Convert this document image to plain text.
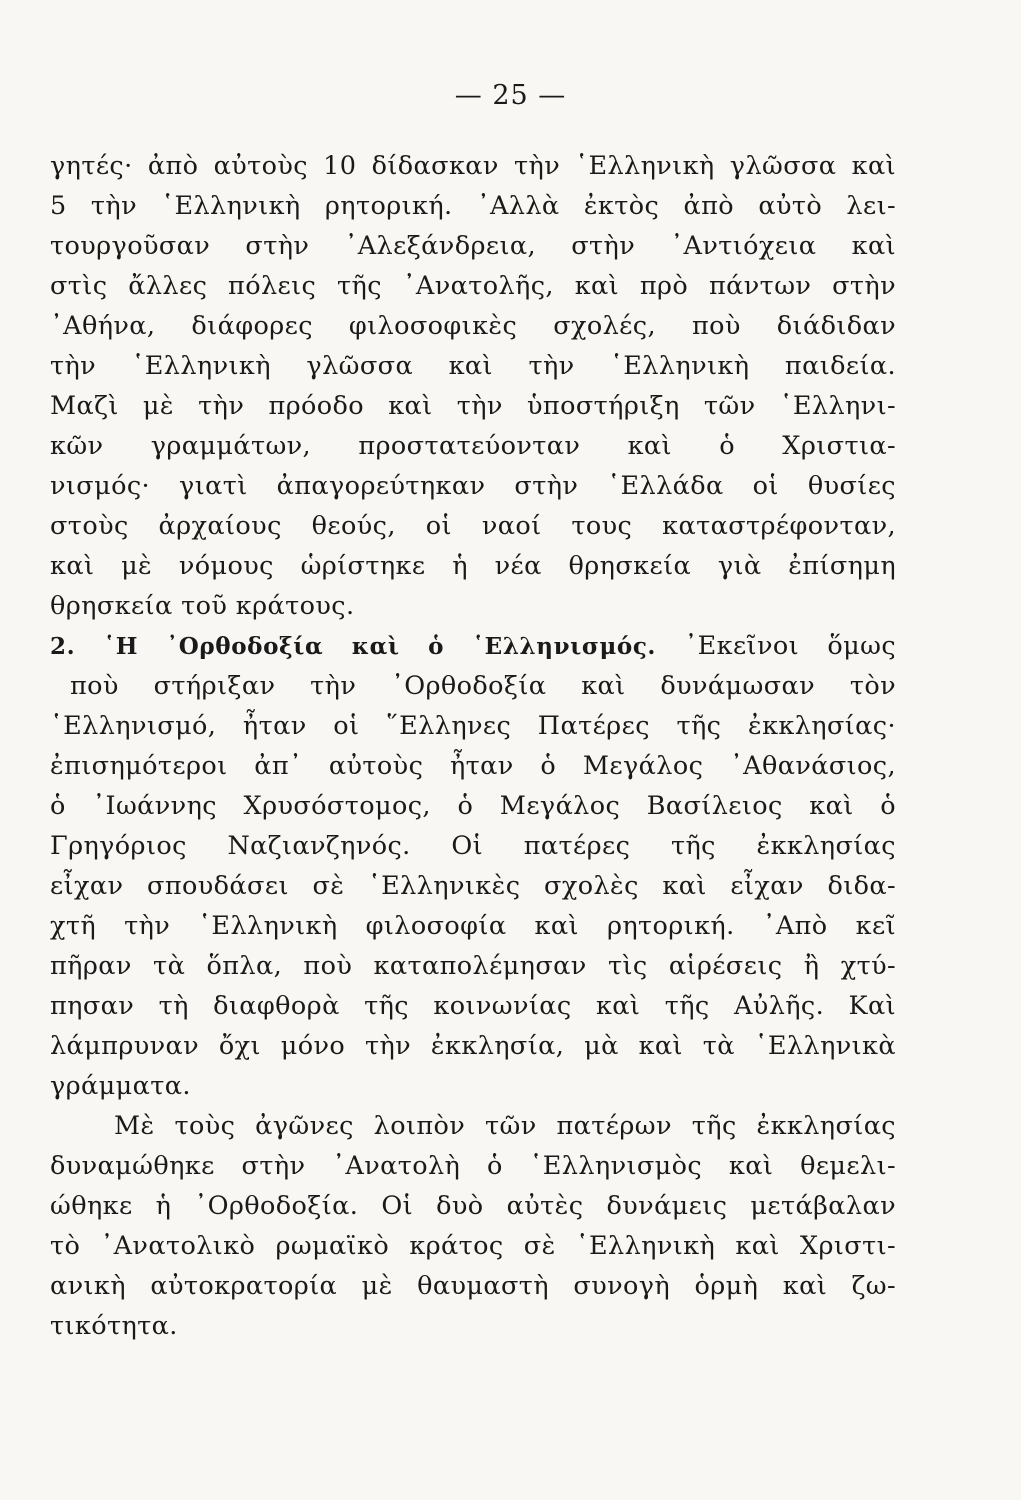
— 25 —
γητές· ἀπὸ αὐτοὺς 10 δίδασκαν τὴν ῾Ελληνικὴ γλῶσσα καὶ
5 τὴν ῾Ελληνικὴ ρητορική. ᾿Αλλὰ ἐκτὸς ἀπὸ αὐτὸ λει-
τουργοῦσαν στὴν ᾿Αλεξάνδρεια, στὴν ᾿Αντιόχεια καὶ
στὶς ἄλλες πόλεις τῆς ᾿Ανατολῆς, καὶ πρὸ πάντων στὴν
᾿Αθήνα, διάφορες φιλοσοφικὲς σχολές, ποὺ διάδιδαν
τὴν ῾Ελληνικὴ γλῶσσα καὶ τὴν ῾Ελληνικὴ παιδεία.
Μαζὶ μὲ τὴν πρόοδο καὶ τὴν ὑποστήριξη τῶν ῾Ελληνι-
κῶν γραμμάτων, προστατεύονταν καὶ ὁ Χριστια-
νισμός· γιατὶ ἀπαγορεύτηκαν στὴν ῾Ελλάδα οἱ θυσίες
στοὺς ἀρχαίους θεούς, οἱ ναοί τους καταστρέφονταν,
καὶ μὲ νόμους ὡρίστηκε ἡ νέα θρησκεία γιὰ ἐπίσημη
θρησκεία τοῦ κράτους.
2. ῾Η ᾿Ορθοδοξία καὶ ὁ ῾Ελληνισμός. ᾿Εκεῖνοι ὅμως
ποὺ στήριξαν τὴν ᾿Ορθοδοξία καὶ δυνάμωσαν τὸν
῾Ελληνισμό, ἦταν οἱ ῞Ελληνες Πατέρες τῆς ἐκκλησίας·
ἐπισημότεροι ἀπ᾿ αὐτοὺς ἦταν ὁ Μεγάλος ᾿Αθανάσιος,
ὁ ᾿Ιωάννης Χρυσόστομος, ὁ Μεγάλος Βασίλειος καὶ ὁ
Γρηγόριος Ναζιανζηνός. Οἱ πατέρες τῆς ἐκκλησίας
εἶχαν σπουδάσει σὲ ῾Ελληνικὲς σχολὲς καὶ εἶχαν διδα-
χτῆ τὴν ῾Ελληνικὴ φιλοσοφία καὶ ρητορική. ᾿Απὸ κεῖ
πῆραν τὰ ὅπλα, ποὺ καταπολέμησαν τὶς αἱρέσεις ἢ χτύ-
πησαν τὴ διαφθορὰ τῆς κοινωνίας καὶ τῆς Αὐλῆς. Καὶ
λάμπρυναν ὄχι μόνο τὴν ἐκκλησία, μὰ καὶ τὰ ῾Ελληνικὰ
γράμματα.
Μὲ τοὺς ἀγῶνες λοιπὸν τῶν πατέρων τῆς ἐκκλησίας
δυναμώθηκε στὴν ᾿Ανατολὴ ὁ ῾Ελληνισμὸς καὶ θεμελι-
ώθηκε ἡ ᾿Ορθοδοξία. Οἱ δυὸ αὐτὲς δυνάμεις μετάβαλαν
τὸ ᾿Ανατολικὸ ρωμαϊκὸ κράτος σὲ ῾Ελληνικὴ καὶ Χριστι-
ανικὴ αὐτοκρατορία μὲ θαυμαστὴ συνογὴ ὁρμὴ καὶ ζω-
τικότητα.
